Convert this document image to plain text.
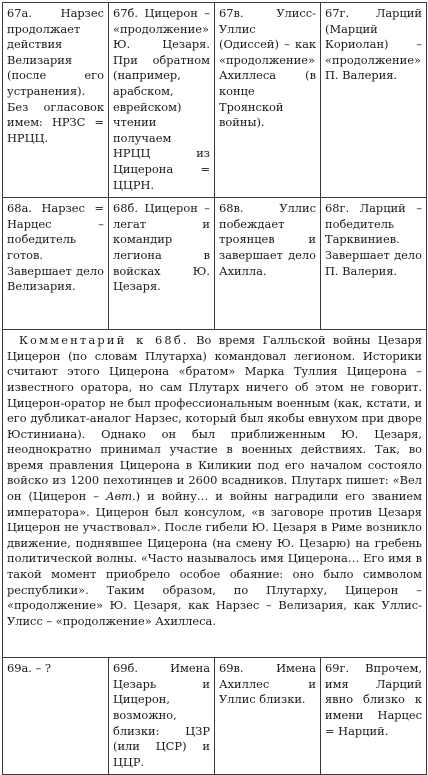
67а. Нарзес продолжает действия Велизария (после его устранения). Без огласовок имем: НРЗС = НРЦЦ.	67б. Цицерон – «продолжение» Ю. Цезаря. При обратном (например, арабском, еврейском) чтении получаем НРЦЦ из Цицерона = ЦЦРН.	67в. Улисс-Уллис (Одиссей) – как «продолжение» Ахиллеса (в конце Троянской войны).	67г. Ларций (Марций Кориолан) – «продолжение» П. Валерия.

68а. Нарзес = Нарцес – победитель готов. Завершает дело Велизария.	68б. Цицерон – легат и командир легиона в войсках Ю. Цезаря.	68в. Уллис побеждает троянцев и завершает дело Ахилла.	68г. Ларций – победитель Тарквиниев. Завершает дело П. Валерия.

Комментарий к 68б. Во время Галльской войны Цезаря Цицерон (по словам Плутарха) командовал легионом. Историки считают этого Цицерона «братом» Марка Туллия Цицерона – известного оратора, но сам Плутарх ничего об этом не говорит. Цицерон-оратор не был профессиональным военным (как, кстати, и его дубликат-аналог Нарзес, который был якобы евнухом при дворе Юстиниана). Однако он был приближенным Ю. Цезаря, неоднократно принимал участие в военных действиях. Так, во время правления Цицерона в Киликии под его началом состояло войско из 1200 пехотинцев и 2600 всадников. Плутарх пишет: «Вел он (Цицерон – Авт.) и войну… и войны наградили его званием императора». Цицерон был консулом, «в заговоре против Цезаря Цицерон не участвовал». После гибели Ю. Цезаря в Риме возникло движение, поднявшее Цицерона (на смену Ю. Цезарю) на гребень политической волны. «Часто называлось имя Цицерона… Его имя в такой момент приобрело особое обаяние: оно было символом республики». Таким образом, по Плутарху, Цицерон – «продолжение» Ю. Цезаря, как Нарзес – Велизария, как Уллис-Улисс – «продолжение» Ахиллеса.			

69а. – ?	69б. Имена Цезарь и Цицерон, возможно, близки: ЦЗР (или ЦСР) и ЦЦР.	69в. Имена Ахиллес и Уллис близки.	69г. Впрочем, имя Ларций явно близко к имени Нарцес = Нарций.
